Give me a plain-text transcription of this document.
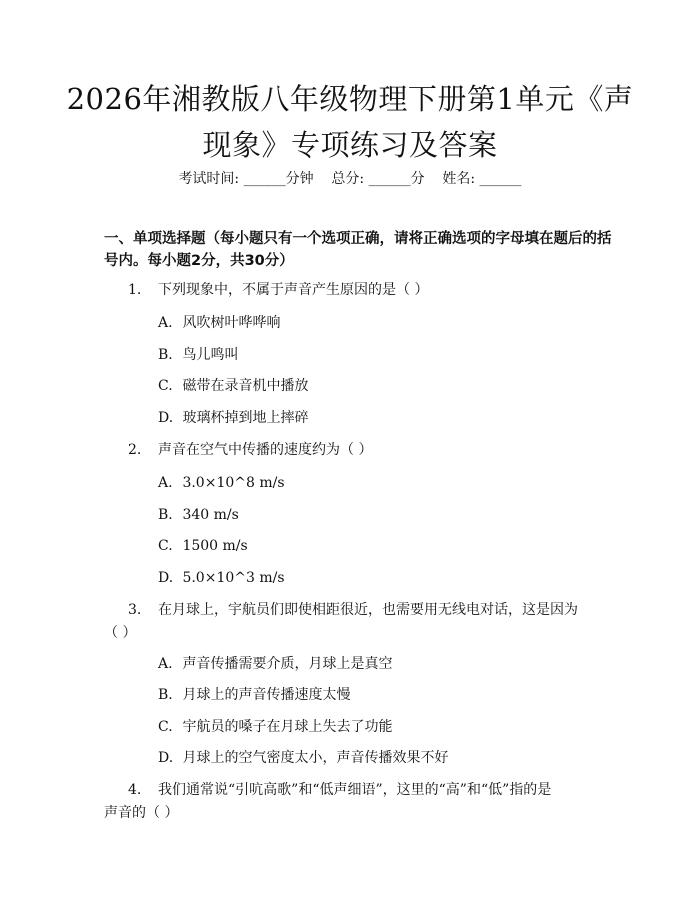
2026年湘教版八年级物理下册第1单元《声
现象》专项练习及答案
考试时间: ______分钟    总分: ______分    姓名: ______
一、单项选择题（每小题只有一个选项正确，请将正确选项的字母填在题后的括
号内。每小题2分，共30分）
1. 下列现象中，不属于声音产生原因的是（ ）
A. 风吹树叶哗哗响
B. 鸟儿鸣叫
C. 磁带在录音机中播放
D. 玻璃杯掉到地上摔碎
2. 声音在空气中传播的速度约为（ ）
A. 3.0×10^8 m/s
B. 340 m/s
C. 1500 m/s
D. 5.0×10^3 m/s
3. 在月球上，宇航员们即使相距很近，也需要用无线电对话，这是因为
（ ）
A. 声音传播需要介质，月球上是真空
B. 月球上的声音传播速度太慢
C. 宇航员的嗓子在月球上失去了功能
D. 月球上的空气密度太小，声音传播效果不好
4. 我们通常说“引吭高歌”和“低声细语”，这里的“高”和“低”指的是
声音的（ ）
